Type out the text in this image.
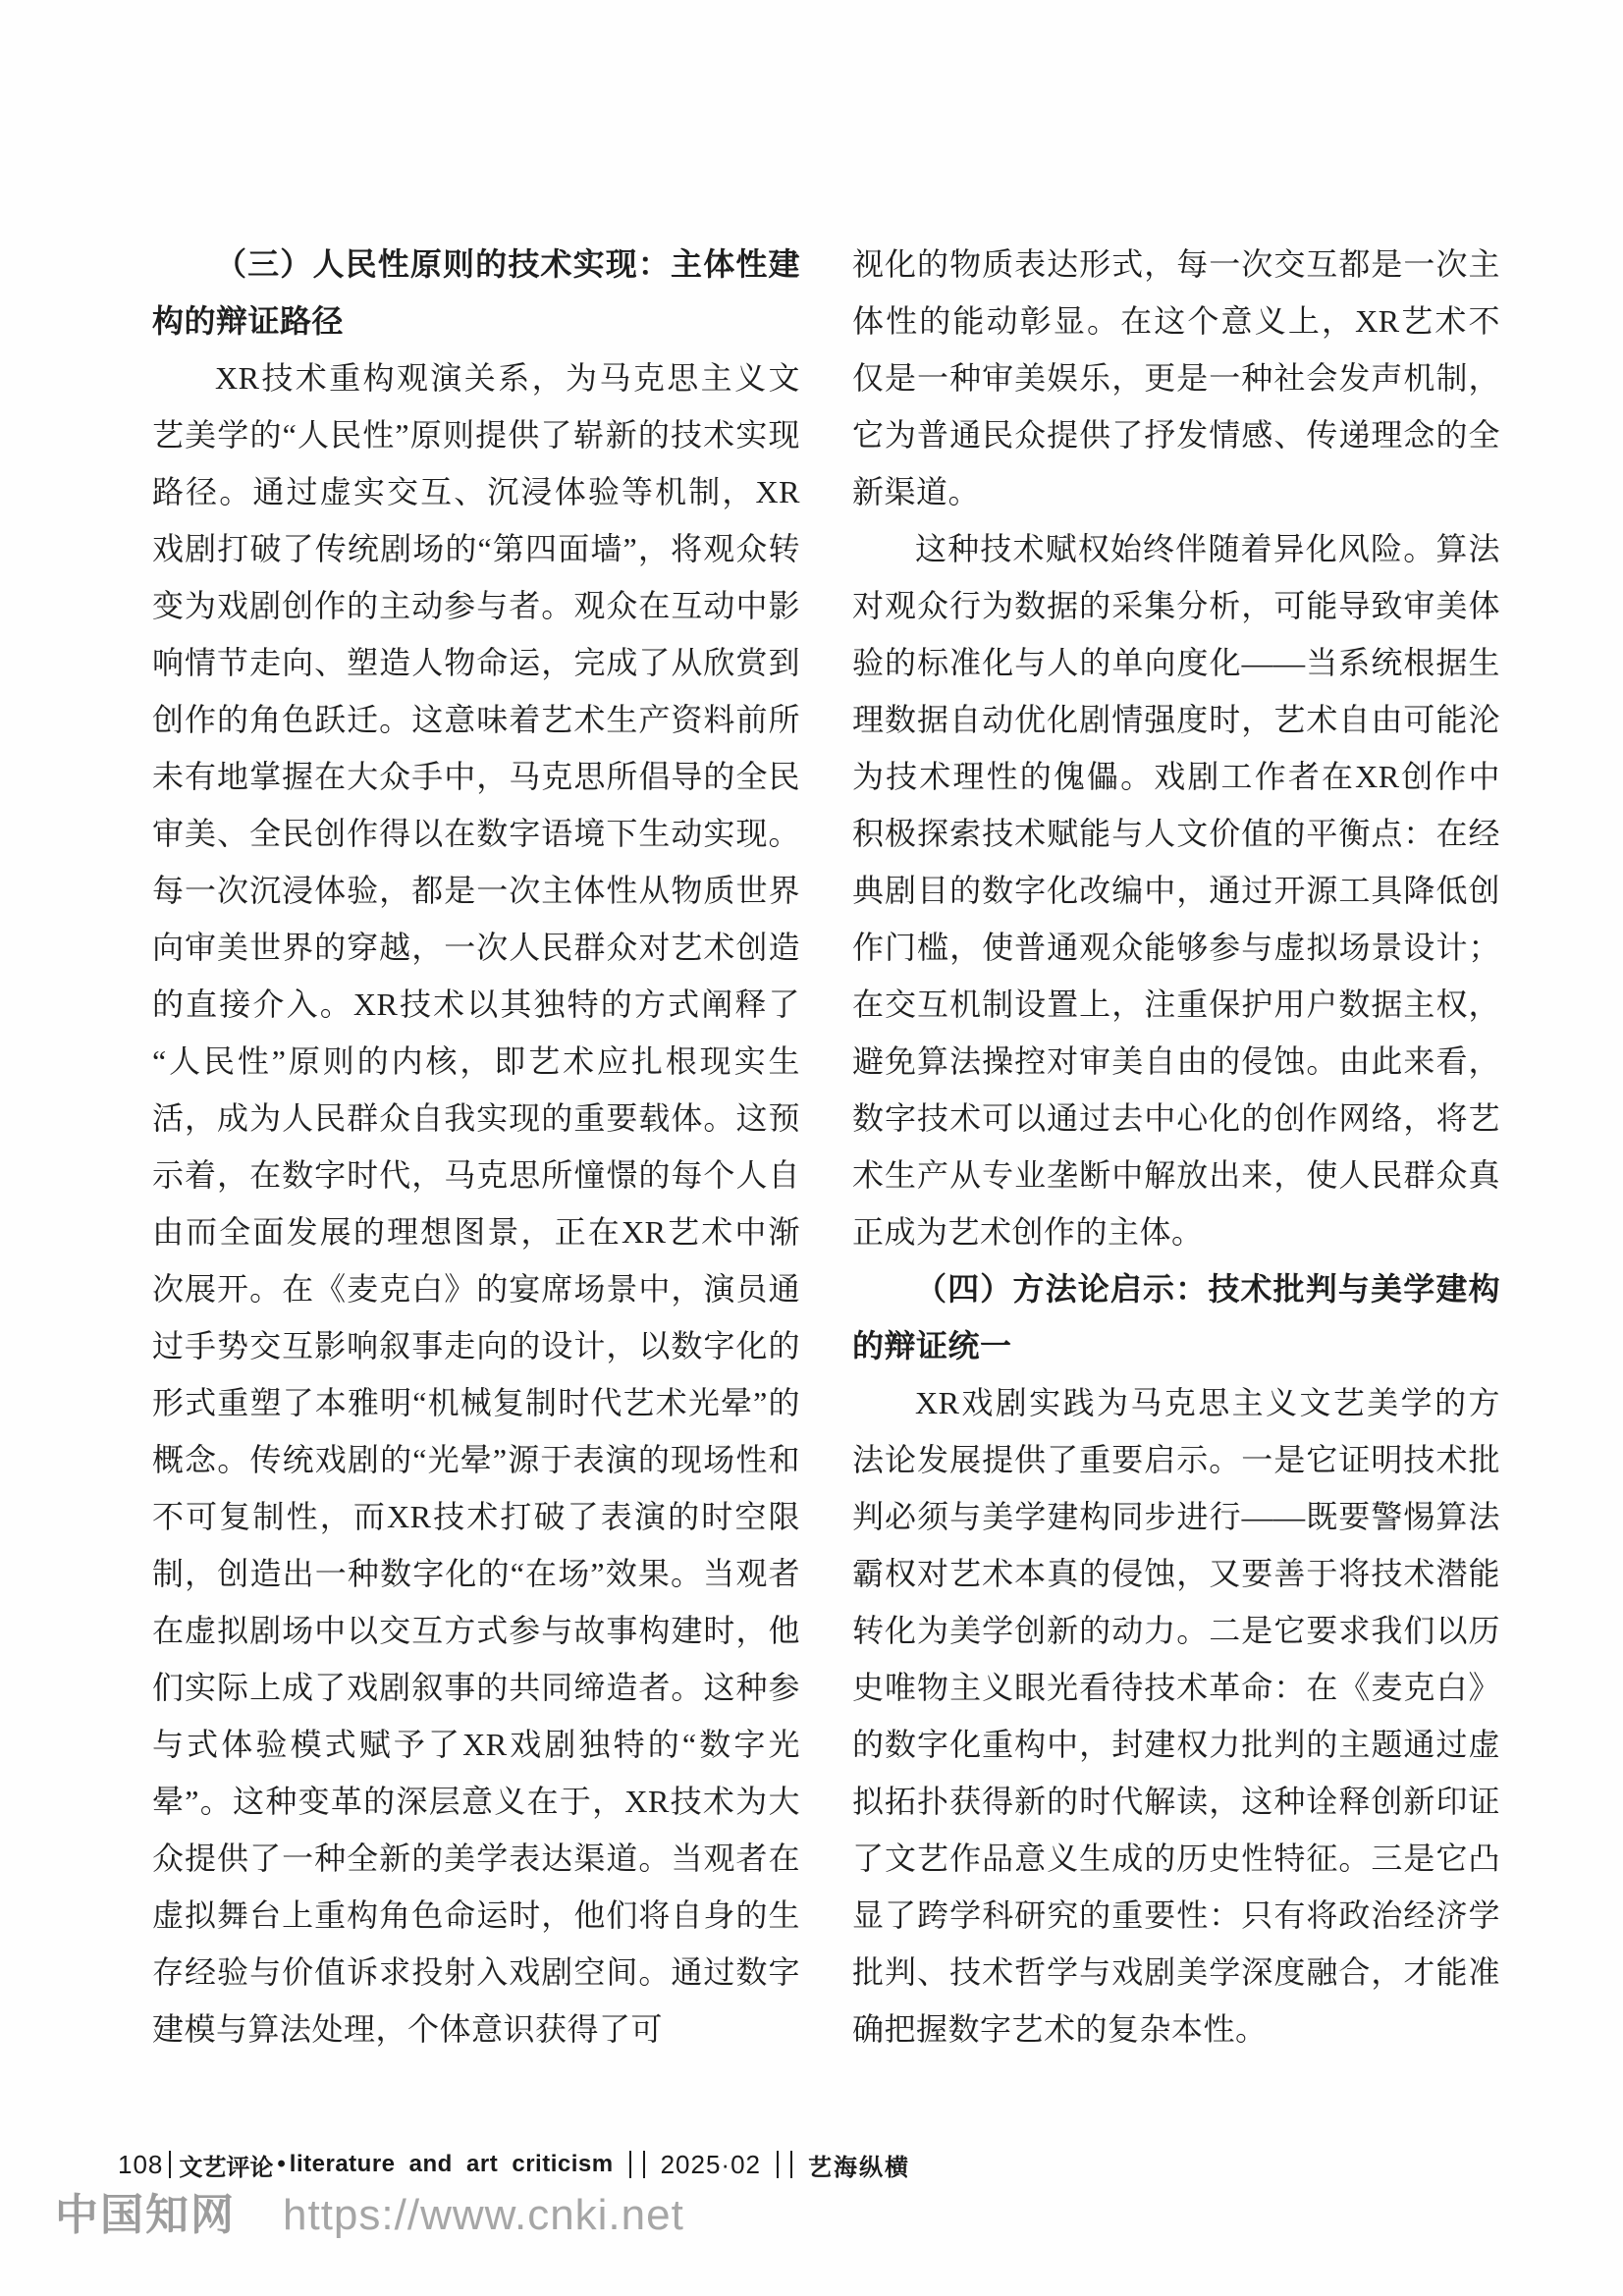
（三）人民性原则的技术实现：主体性建构的辩证路径

XR技术重构观演关系，为马克思主义文艺美学的“人民性”原则提供了崭新的技术实现路径。通过虚实交互、沉浸体验等机制，XR戏剧打破了传统剧场的“第四面墙”，将观众转变为戏剧创作的主动参与者。观众在互动中影响情节走向、塑造人物命运，完成了从欣赏到创作的角色跃迁。这意味着艺术生产资料前所未有地掌握在大众手中，马克思所倡导的全民审美、全民创作得以在数字语境下生动实现。每一次沉浸体验，都是一次主体性从物质世界向审美世界的穿越，一次人民群众对艺术创造的直接介入。XR技术以其独特的方式阐释了“人民性”原则的内核，即艺术应扎根现实生活，成为人民群众自我实现的重要载体。这预示着，在数字时代，马克思所憧憬的每个人自由而全面发展的理想图景，正在XR艺术中渐次展开。在《麦克白》的宴席场景中，演员通过手势交互影响叙事走向的设计，以数字化的形式重塑了本雅明“机械复制时代艺术光晕”的概念。传统戏剧的“光晕”源于表演的现场性和不可复制性，而XR技术打破了表演的时空限制，创造出一种数字化的“在场”效果。当观者在虚拟剧场中以交互方式参与故事构建时，他们实际上成了戏剧叙事的共同缔造者。这种参与式体验模式赋予了XR戏剧独特的“数字光晕”。这种变革的深层意义在于，XR技术为大众提供了一种全新的美学表达渠道。当观者在虚拟舞台上重构角色命运时，他们将自身的生存经验与价值诉求投射入戏剧空间。通过数字建模与算法处理，个体意识获得了可

视化的物质表达形式，每一次交互都是一次主体性的能动彰显。在这个意义上，XR艺术不仅是一种审美娱乐，更是一种社会发声机制，它为普通民众提供了抒发情感、传递理念的全新渠道。

这种技术赋权始终伴随着异化风险。算法对观众行为数据的采集分析，可能导致审美体验的标准化与人的单向度化——当系统根据生理数据自动优化剧情强度时，艺术自由可能沦为技术理性的傀儡。戏剧工作者在XR创作中积极探索技术赋能与人文价值的平衡点：在经典剧目的数字化改编中，通过开源工具降低创作门槛，使普通观众能够参与虚拟场景设计；在交互机制设置上，注重保护用户数据主权，避免算法操控对审美自由的侵蚀。由此来看，数字技术可以通过去中心化的创作网络，将艺术生产从专业垄断中解放出来，使人民群众真正成为艺术创作的主体。

（四）方法论启示：技术批判与美学建构的辩证统一

XR戏剧实践为马克思主义文艺美学的方法论发展提供了重要启示。一是它证明技术批判必须与美学建构同步进行——既要警惕算法霸权对艺术本真的侵蚀，又要善于将技术潜能转化为美学创新的动力。二是它要求我们以历史唯物主义眼光看待技术革命：在《麦克白》的数字化重构中，封建权力批判的主题通过虚拟拓扑获得新的时代解读，这种诠释创新印证了文艺作品意义生成的历史性特征。三是它凸显了跨学科研究的重要性：只有将政治经济学批判、技术哲学与戏剧美学深度融合，才能准确把握数字艺术的复杂本性。

108 文艺评论 • literature and art criticism 2025·02 艺海纵横
中国知网 https://www.cnki.net
